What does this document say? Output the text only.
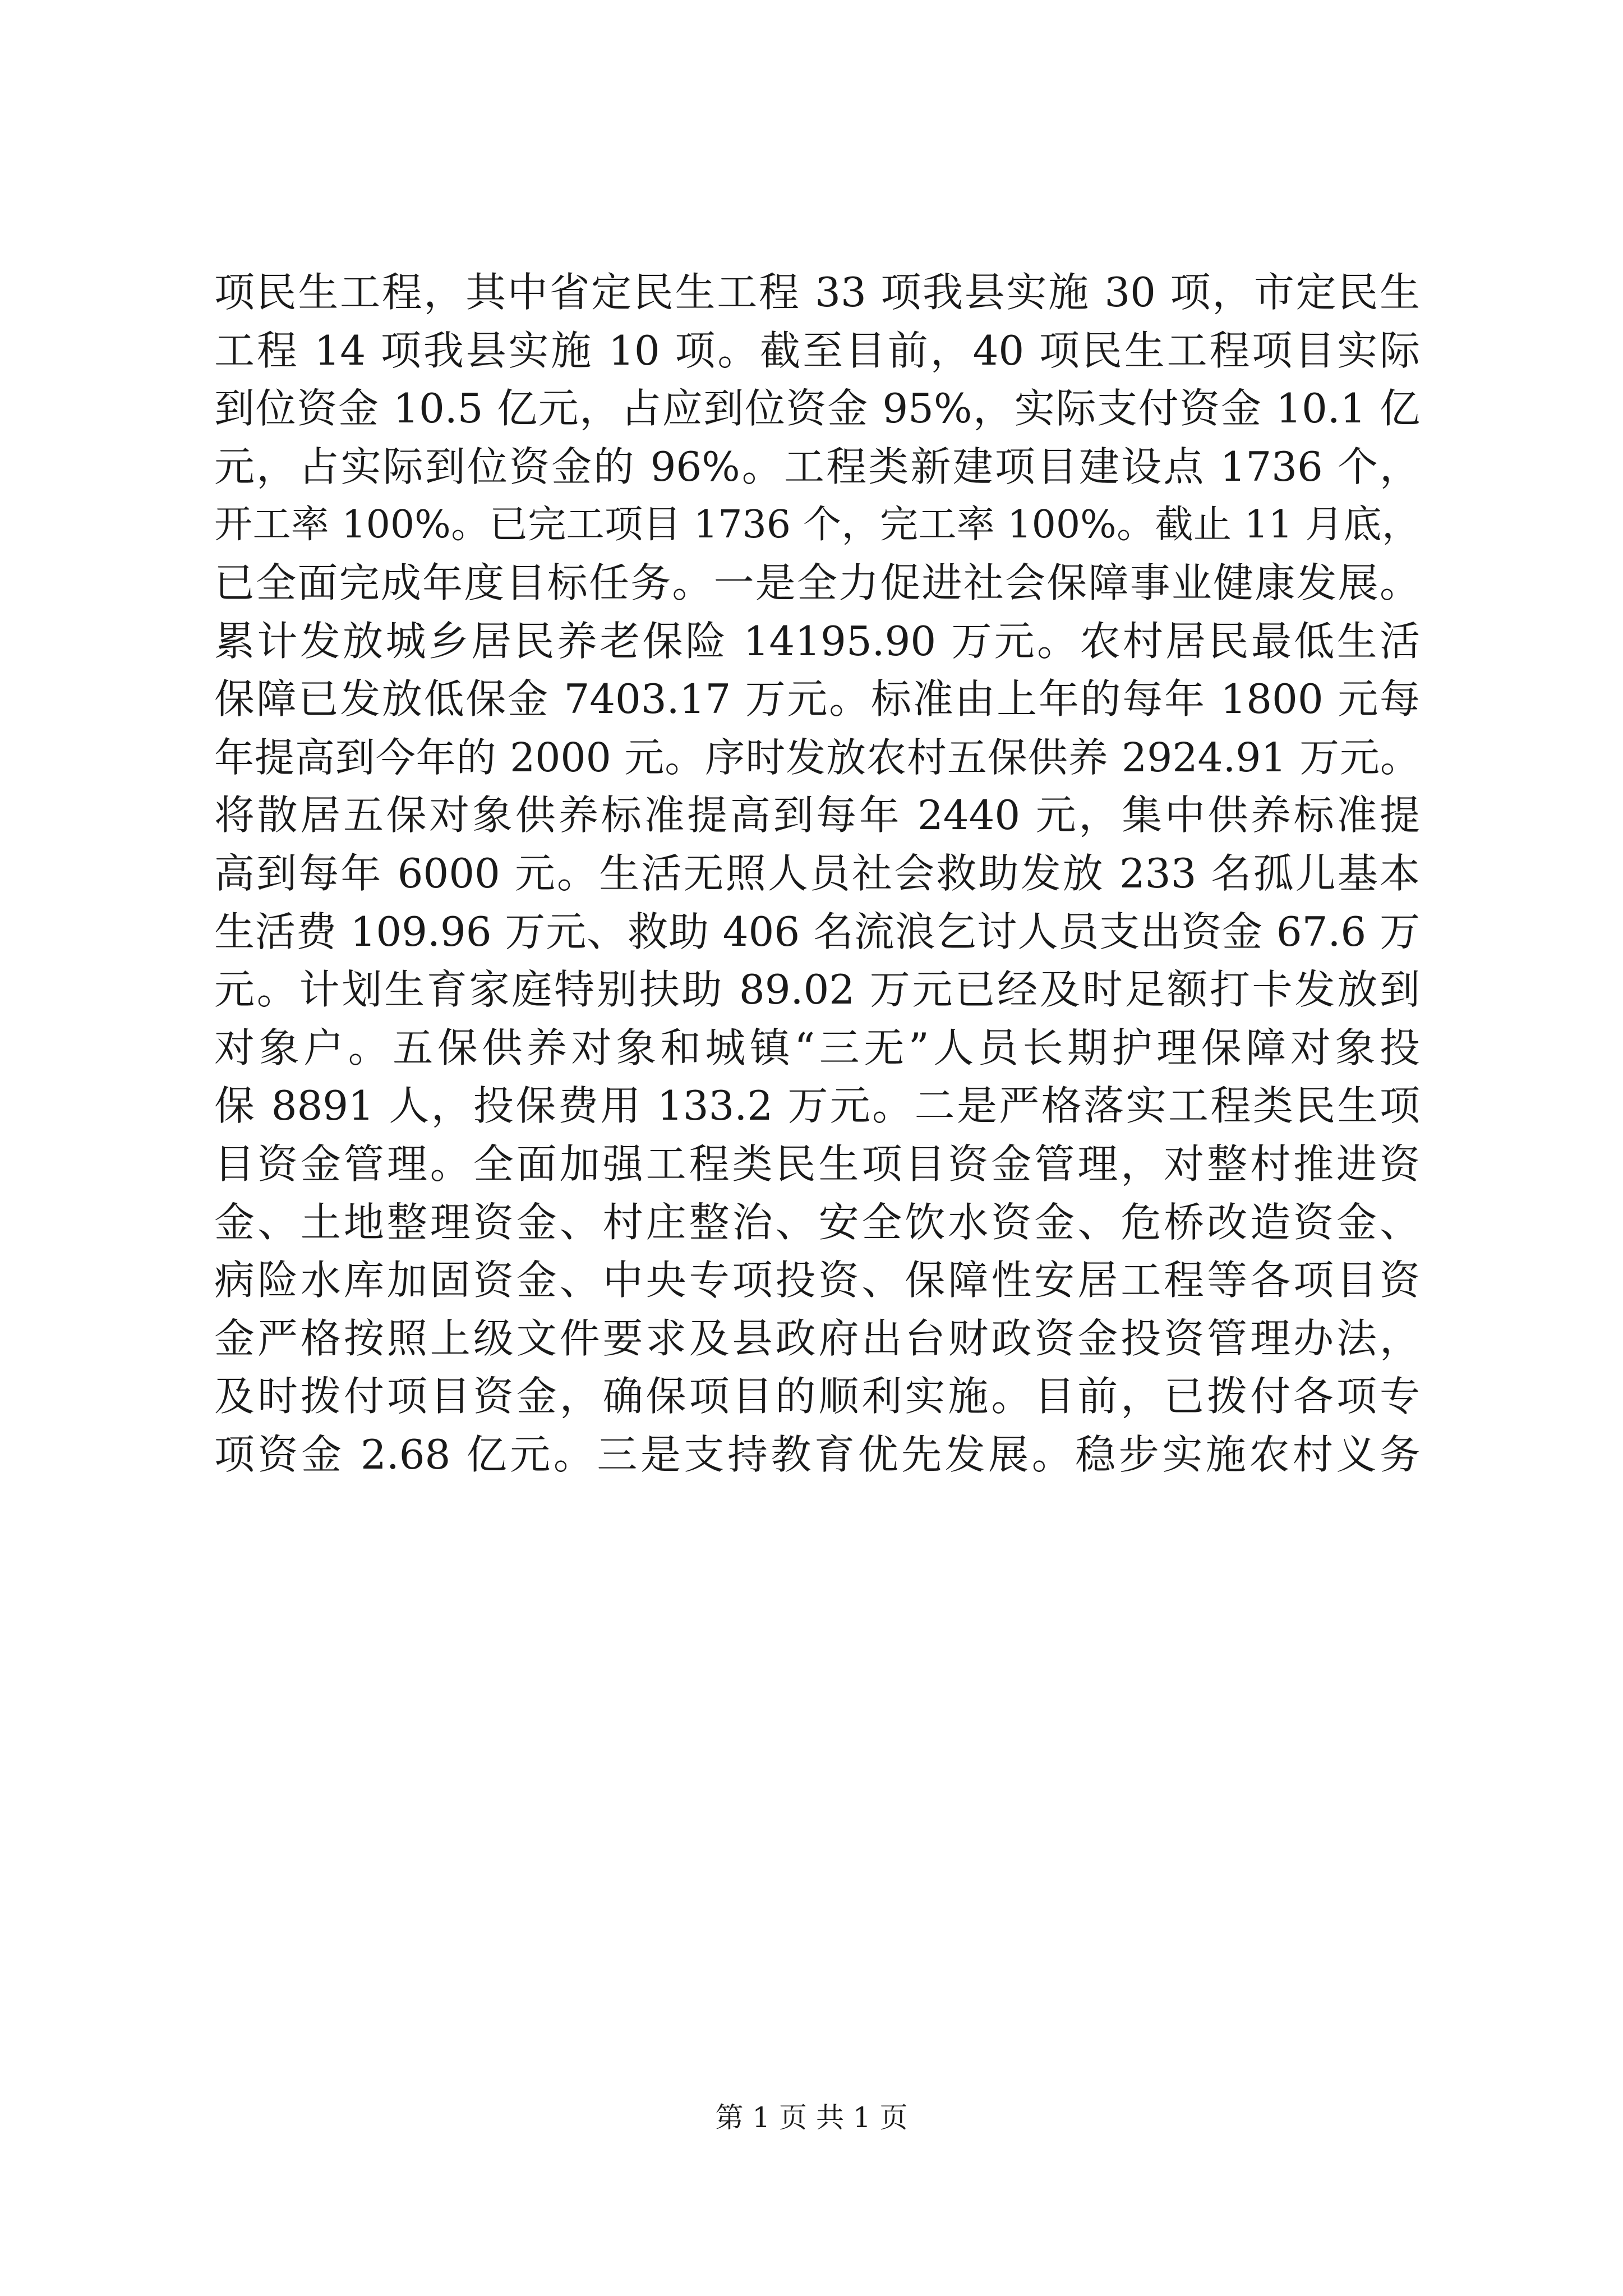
项民生工程，其中省定民生工程 33 项我县实施 30 项，市定民生
工程 14 项我县实施 10 项。截至目前，40 项民生工程项目实际
到位资金 10.5 亿元，占应到位资金 95%，实际支付资金 10.1 亿
元，占实际到位资金的 96%。工程类新建项目建设点 1736 个，
开工率 100%。已完工项目 1736 个，完工率 100%。截止 11 月底，
已全面完成年度目标任务。一是全力促进社会保障事业健康发展。
累计发放城乡居民养老保险 14195.90 万元。农村居民最低生活
保障已发放低保金 7403.17 万元。标准由上年的每年 1800 元每
年提高到今年的 2000 元。序时发放农村五保供养 2924.91 万元。
将散居五保对象供养标准提高到每年 2440 元，集中供养标准提
高到每年 6000 元。生活无照人员社会救助发放 233 名孤儿基本
生活费 109.96 万元、救助 406 名流浪乞讨人员支出资金 67.6 万
元。计划生育家庭特别扶助 89.02 万元已经及时足额打卡发放到
对象户。五保供养对象和城镇“三无”人员长期护理保障对象投
保 8891 人，投保费用 133.2 万元。二是严格落实工程类民生项
目资金管理。全面加强工程类民生项目资金管理，对整村推进资
金、土地整理资金、村庄整治、安全饮水资金、危桥改造资金、
病险水库加固资金、中央专项投资、保障性安居工程等各项目资
金严格按照上级文件要求及县政府出台财政资金投资管理办法，
及时拨付项目资金，确保项目的顺利实施。目前，已拨付各项专
项资金 2.68 亿元。三是支持教育优先发展。稳步实施农村义务
第 1 页 共 1 页
